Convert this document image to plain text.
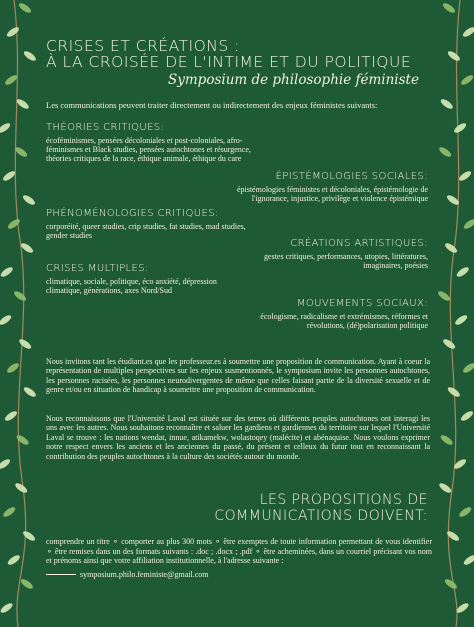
CRISES ET CRÉATIONS :
À LA CROISÉE DE L'INTIME ET DU POLITIQUE
Symposium de philosophie féministe
Les communications peuvent traiter directement ou indirectement des enjeux féministes suivants:
THÉORIES CRITIQUES:

écoféminismes, pensées décoloniales et post-coloniales, afro-féminismes et Black studies, pensées autochtones et résurgence, théories critiques de la race, éthique animale, éthique du care

ÉPISTÉMOLOGIES SOCIALES:

épistémologies féministes et décoloniales, épistémologie de l'ignorance, injustice, privilège et violence épistémique

PHÉNOMÉNOLOGIES CRITIQUES:

corporéité, queer studies, crip studies, fat studies, mad studies, gender studies

CRÉATIONS ARTISTIQUES:

gestes critiques, performances, utopies, littératures, imaginaires, poésies

CRISES MULTIPLES:

climatique, sociale, politique, éco anxiété, dépression climatique, générations, axes Nord/Sud

MOUVEMENTS SOCIAUX:

écologisme, radicalisme et extrémismes, réformes et révolutions, (dé)polarisation politique

Nous invitons tant les étudiant.es que les professeur.es à soumettre une proposition de communication. Ayant à coeur la représentation de multiples perspectives sur les enjeux susmentionnés, le symposium invite les personnes autochtones, les personnes racisées, les personnes neurodivergentes de même que celles faisant partie de la diversité sexuelle et de genre et/ou en situation de handicap à soumettre une proposition de communication.

Nous reconnaissons que l'Université Laval est située sur des terres où différents peuples autochtones ont interagi les uns avec les autres. Nous souhaitons reconnaître et saluer les gardiens et gardiennes du territoire sur lequel l'Université Laval se trouve : les nations wendat, innue, atikamekw, wolastoqey (malécite) et abénaquise. Nous voulons exprimer notre respect envers les anciens et les anciennes du passé, du présent et celleux du futur tout en reconnaissant la contribution des peuples autochtones à la culture des sociétés autour du monde.

LES PROPOSITIONS DE
COMMUNICATIONS DOIVENT:

comprendre un titre ⚬ comporter au plus 300 mots ⚬ être exemptes de toute information permettant de vous identifier ⚬ être remises dans un des formats suivants : .doc ; .docx ; .pdf ⚬ être acheminées, dans un courriel précisant vos nom et prénoms ainsi que votre affiliation institutionnelle, à l'adresse suivante :

symposium.philo.feministe@gmail.com
